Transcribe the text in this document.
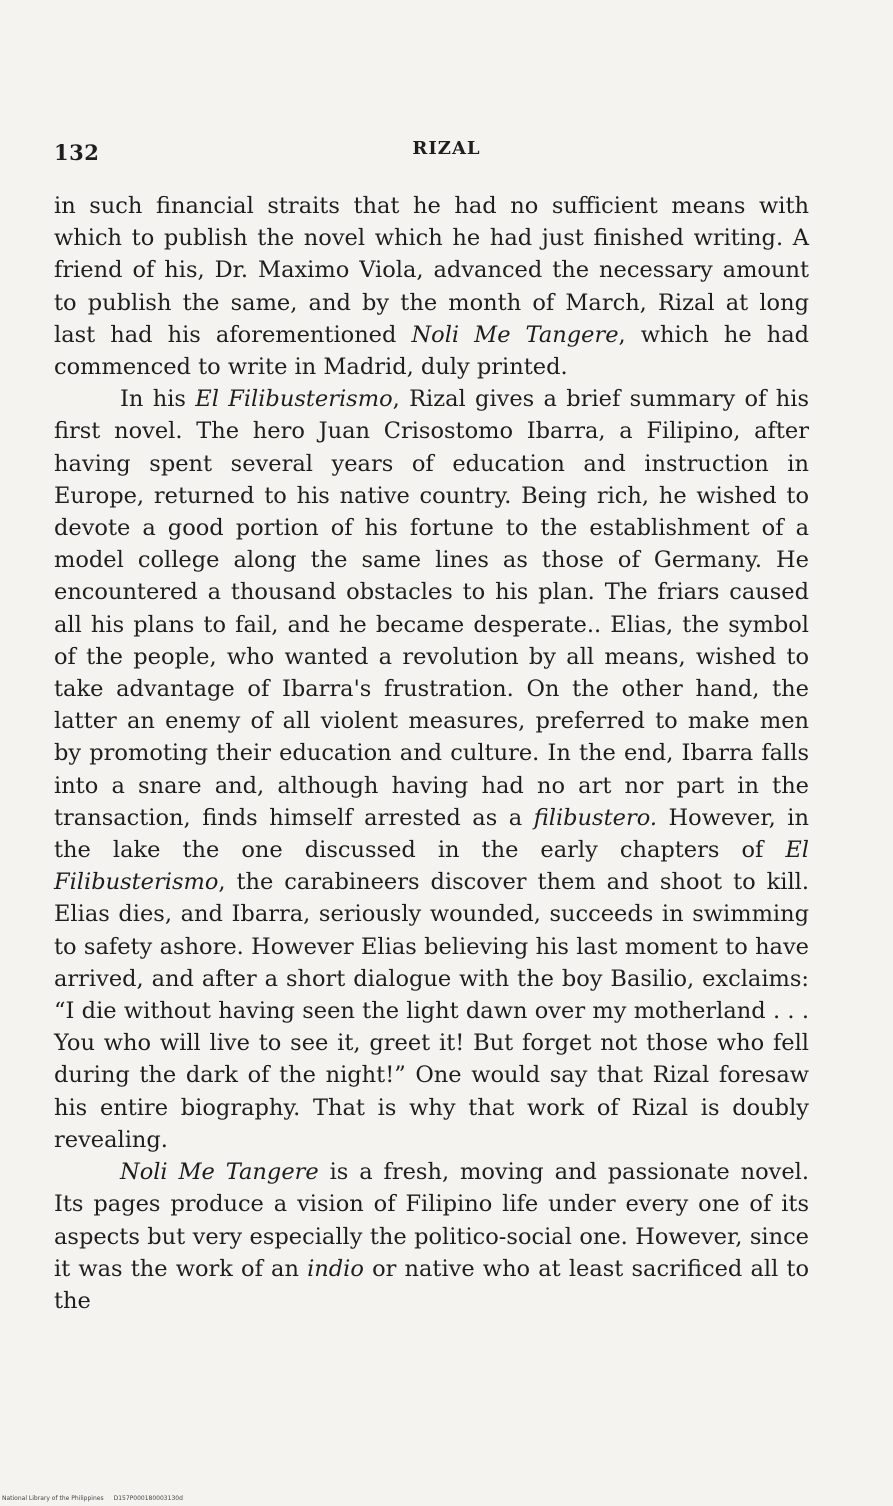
132	RIZAL

in such financial straits that he had no sufficient means with which to publish the novel which he had just finished writing. A friend of his, Dr. Maximo Viola, advanced the necessary amount to publish the same, and by the month of March, Rizal at long last had his aforementioned Noli Me Tangere, which he had commenced to write in Madrid, duly printed.

In his El Filibusterismo, Rizal gives a brief summary of his first novel. The hero Juan Crisostomo Ibarra, a Filipino, after having spent several years of education and instruction in Europe, returned to his native country. Being rich, he wished to devote a good portion of his fortune to the establishment of a model college along the same lines as those of Germany. He encountered a thousand obstacles to his plan. The friars caused all his plans to fail, and he became desperate.. Elias, the symbol of the people, who wanted a revolution by all means, wished to take advantage of Ibarra's frustration. On the other hand, the latter an enemy of all violent measures, preferred to make men by promoting their education and culture. In the end, Ibarra falls into a snare and, although having had no art nor part in the transaction, finds himself arrested as a filibustero. However, in the lake the one discussed in the early chapters of El Filibusterismo, the carabineers discover them and shoot to kill. Elias dies, and Ibarra, seriously wounded, succeeds in swimming to safety ashore. However Elias believing his last moment to have arrived, and after a short dialogue with the boy Basilio, exclaims: “I die without having seen the light dawn over my motherland . . . You who will live to see it, greet it! But forget not those who fell during the dark of the night!” One would say that Rizal foresaw his entire biography. That is why that work of Rizal is doubly revealing.

Noli Me Tangere is a fresh, moving and passionate novel. Its pages produce a vision of Filipino life under every one of its aspects but very especially the politico-social one. However, since it was the work of an indio or native who at least sacrificed all to the

National Library of the Philippines D157P000180003130d
